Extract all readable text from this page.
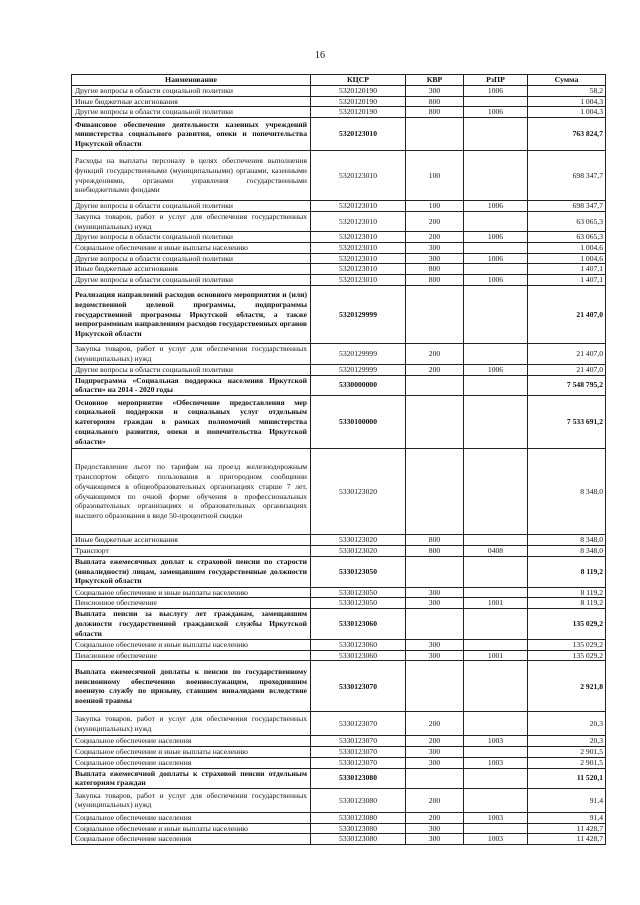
16
Наименование	КЦСР	КВР	РзПР	Сумма
Другие вопросы в области социальной политики	5320120190	300	1006	58,2
Иные бюджетные ассигнования	5320120190	800		1 004,3
Другие вопросы в области социальной политики	5320120190	800	1006	1 004,3
Финансовое обеспечение деятельности казенных учреждений министерства социального развития, опеки и попечительства Иркутской области	5320123010			763 824,7
Расходы на выплаты персоналу в целях обеспечения выполнения функций государственными (муниципальными) органами, казенными учреждениями, органами управления государственными внебюджетными фондами	5320123010	100		698 347,7
Другие вопросы в области социальной политики	5320123010	100	1006	698 347,7
Закупка товаров, работ и услуг для обеспечения государственных (муниципальных) нужд	5320123010	200		63 065,3
Другие вопросы в области социальной политики	5320123010	200	1006	63 065,3
Социальное обеспечение и иные выплаты населению	5320123010	300		1 004,6
Другие вопросы в области социальной политики	5320123010	300	1006	1 004,6
Иные бюджетные ассигнования	5320123010	800		1 407,1
Другие вопросы в области социальной политики	5320123010	800	1006	1 407,1
Реализация направлений расходов основного мероприятия и (или) ведомственной целевой программы, подпрограммы государственной программы Иркутской области, а также непрограммным направлениям расходов государственных органов Иркутской области	5320129999			21 407,0
Закупка товаров, работ и услуг для обеспечения государственных (муниципальных) нужд	5320129999	200		21 407,0
Другие вопросы в области социальной политики	5320129999	200	1006	21 407,0
Подпрограмма «Социальная поддержка населения Иркутской области» на 2014 - 2020 годы	5330000000			7 548 795,2
Основное мероприятие «Обеспечение предоставления мер социальной поддержки и социальных услуг отдельным категориям граждан в рамках полномочий министерства социального развития, опеки и попечительства Иркутской области»	5330100000			7 533 691,2
Предоставление льгот по тарифам на проезд железнодорожным транспортом общего пользования в пригородном сообщении обучающимся в общеобразовательных организациях старше 7 лет, обучающимся по очной форме обучения в профессиональных образовательных организациях и образовательных организациях высшего образования в виде 50-процентной скидки	5330123020			8 348,0
Иные бюджетные ассигнования	5330123020	800		8 348,0
Транспорт	5330123020	800	0408	8 348,0
Выплата ежемесячных доплат к страховой пенсии по старости (инвалидности) лицам, замещавшим государственные должности Иркутской области	5330123050			8 119,2
Социальное обеспечение и иные выплаты населению	5330123050	300		8 119,2
Пенсионное обеспечение	5330123050	300	1001	8 119,2
Выплата пенсии за выслугу лет гражданам, замещавшим должности государственной гражданской службы Иркутской области	5330123060			135 029,2
Социальное обеспечение и иные выплаты населению	5330123060	300		135 029,2
Пенсионное обеспечение	5330123060	300	1001	135 029,2
Выплата ежемесячной доплаты к пенсии по государственному пенсионному обеспечению военнослужащим, проходившим военную службу по призыву, ставшим инвалидами вследствие военной травмы	5330123070			2 921,8
Закупка товаров, работ и услуг для обеспечения государственных (муниципальных) нужд	5330123070	200		20,3
Социальное обеспечение населения	5330123070	200	1003	20,3
Социальное обеспечение и иные выплаты населению	5330123070	300		2 901,5
Социальное обеспечение населения	5330123070	300	1003	2 901,5
Выплата ежемесячной доплаты к страховой пенсии отдельным категориям граждан	5330123080			11 520,1
Закупка товаров, работ и услуг для обеспечения государственных (муниципальных) нужд	5330123080	200		91,4
Социальное обеспечение населения	5330123080	200	1003	91,4
Социальное обеспечение и иные выплаты населению	5330123080	300		11 428,7
Социальное обеспечение населения	5330123080	300	1003	11 428,7
